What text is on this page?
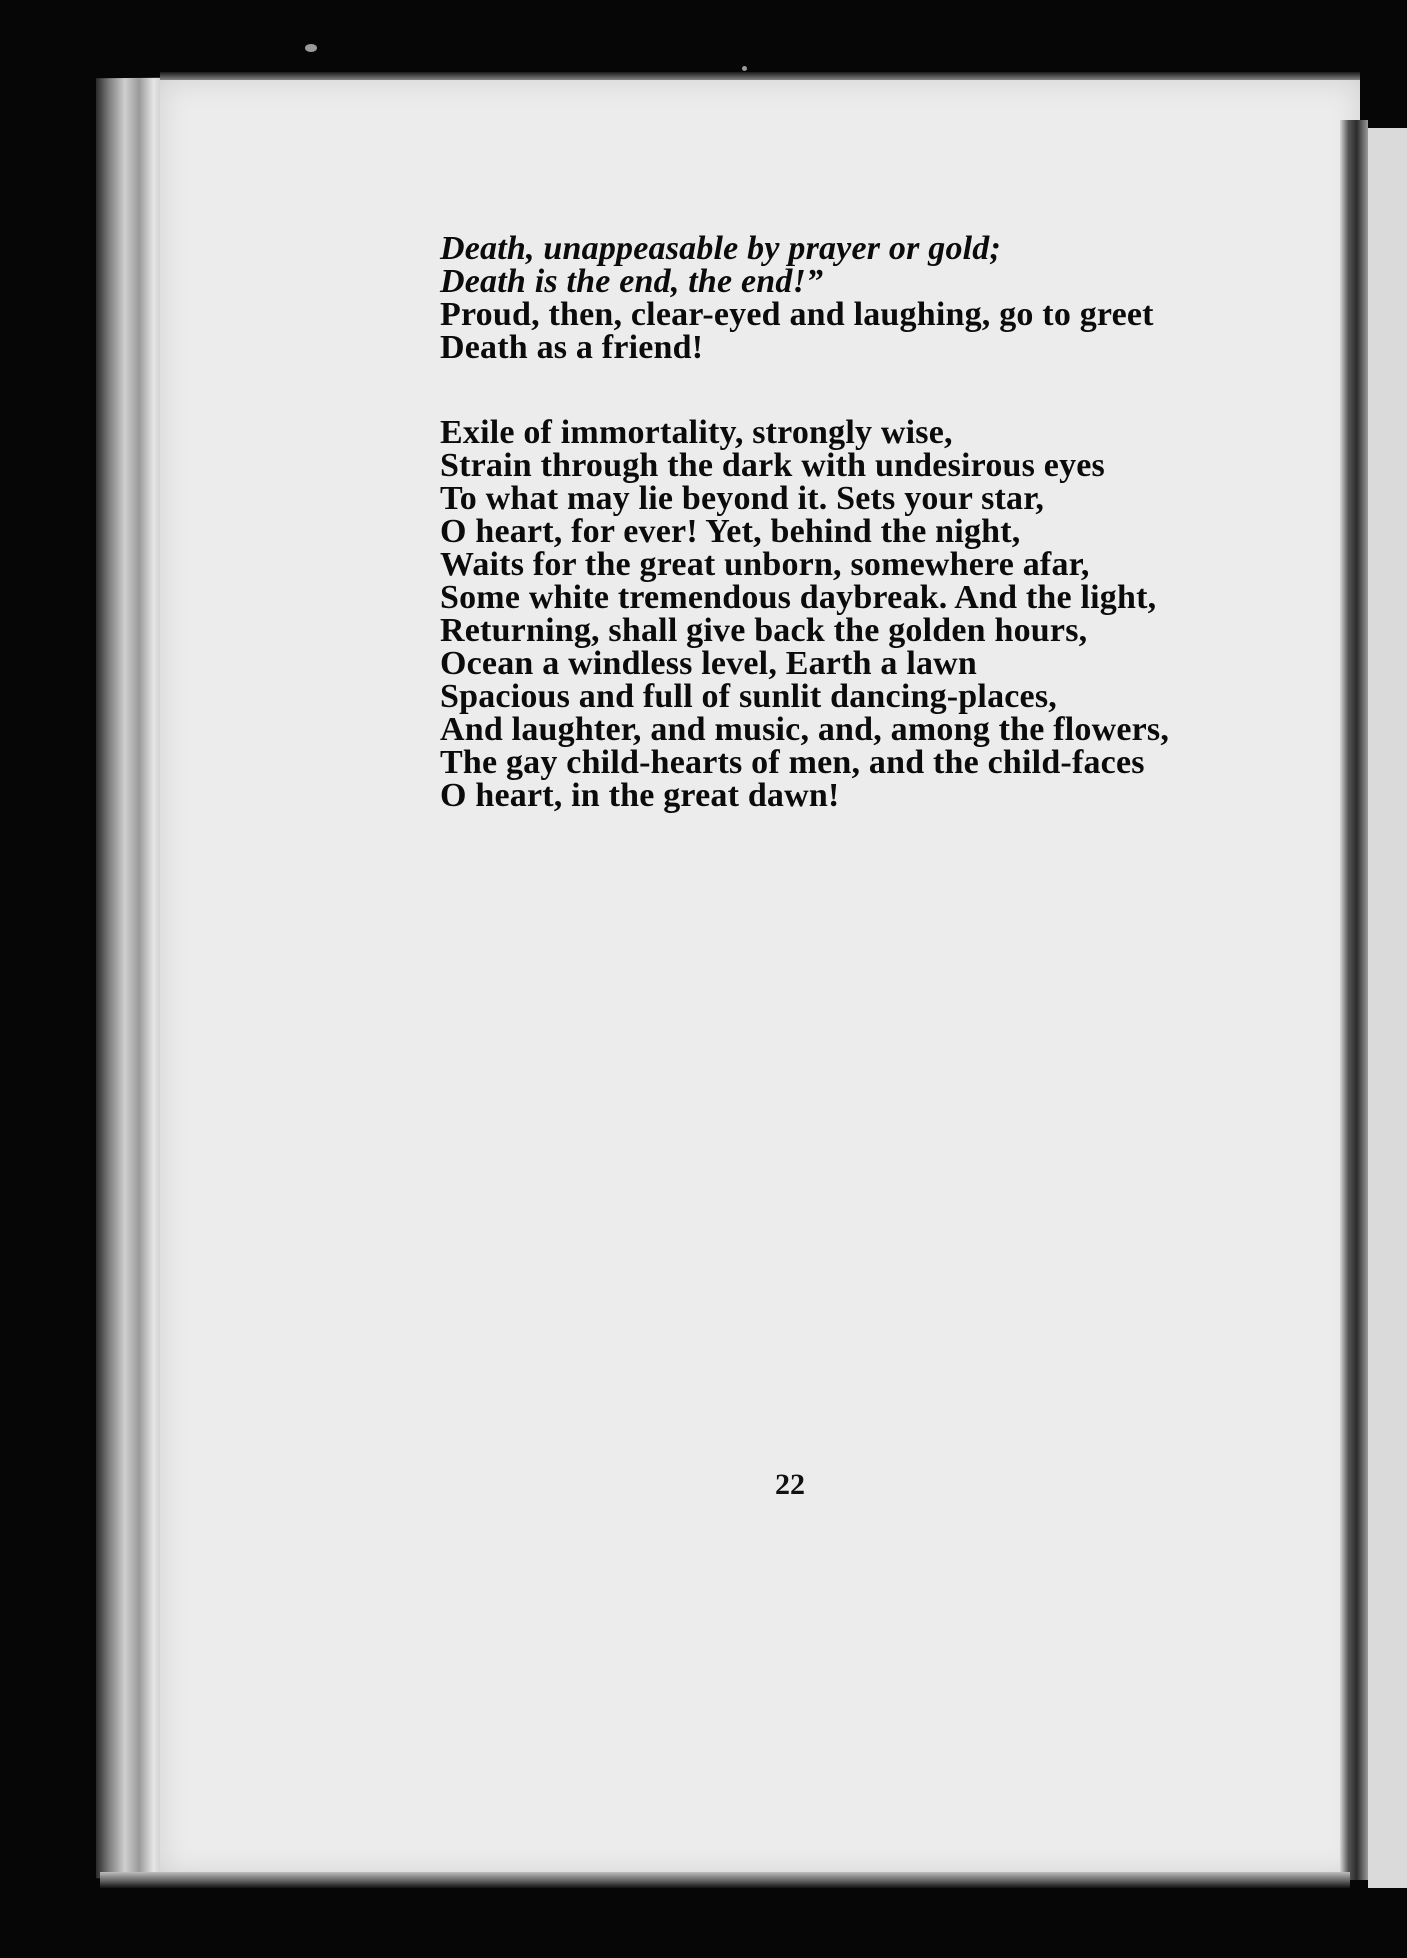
Death, unappeasable by prayer or gold;
Death is the end, the end!”
Proud, then, clear-eyed and laughing, go to greet
Death as a friend!
Exile of immortality, strongly wise,
Strain through the dark with undesirous eyes
To what may lie beyond it. Sets your star,
O heart, for ever! Yet, behind the night,
Waits for the great unborn, somewhere afar,
Some white tremendous daybreak. And the light,
Returning, shall give back the golden hours,
Ocean a windless level, Earth a lawn
Spacious and full of sunlit dancing-places,
And laughter, and music, and, among the flowers,
The gay child-hearts of men, and the child-faces
O heart, in the great dawn!
22
